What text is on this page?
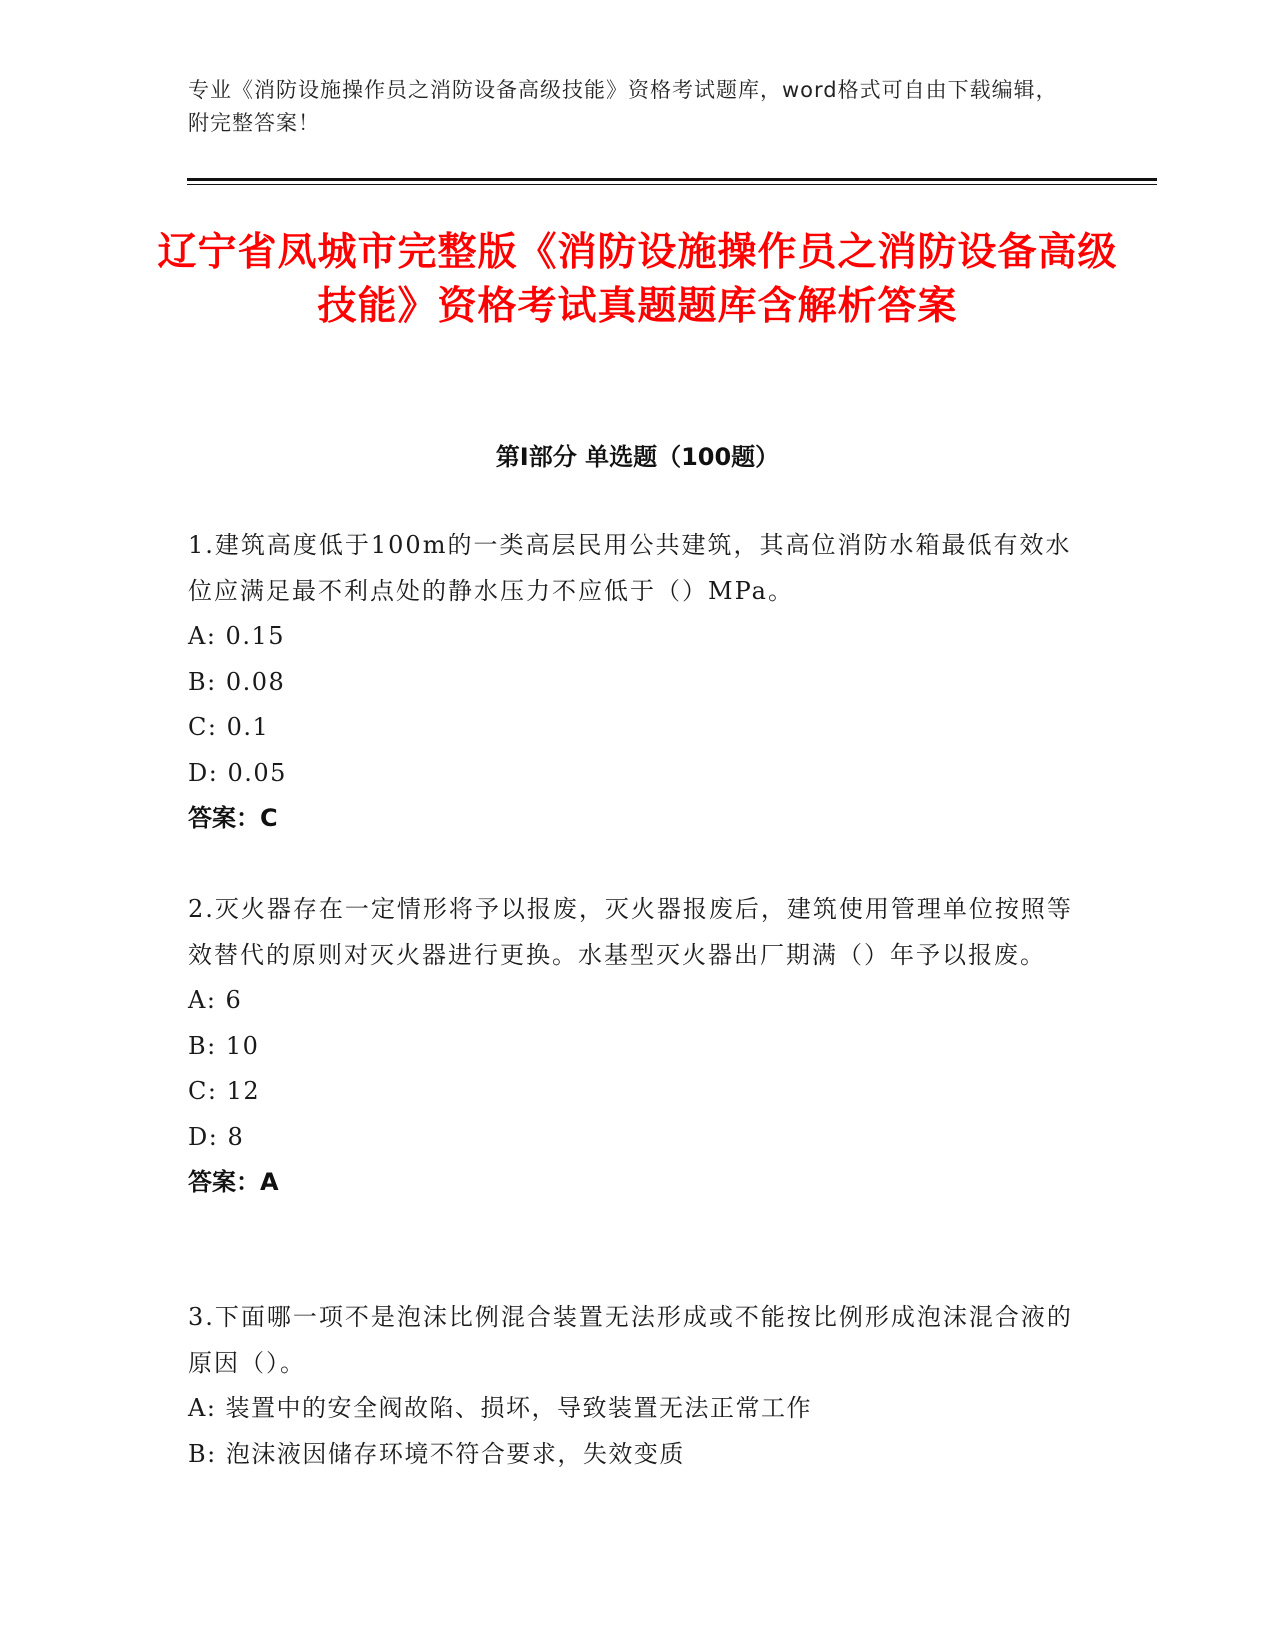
专业《消防设施操作员之消防设备高级技能》资格考试题库，word格式可自由下载编辑，附完整答案！
辽宁省凤城市完整版《消防设施操作员之消防设备高级技能》资格考试真题题库含解析答案
第Ⅰ部分 单选题（100题）
1.建筑高度低于100m的一类高层民用公共建筑，其高位消防水箱最低有效水位应满足最不利点处的静水压力不应低于（）MPa。
A: 0.15
B: 0.08
C: 0.1
D: 0.05
答案：C
2.灭火器存在一定情形将予以报废，灭火器报废后，建筑使用管理单位按照等效替代的原则对灭火器进行更换。水基型灭火器出厂期满（）年予以报废。
A: 6
B: 10
C: 12
D: 8
答案：A
3.下面哪一项不是泡沫比例混合装置无法形成或不能按比例形成泡沫混合液的原因（）。
A: 装置中的安全阀故陷、损坏，导致装置无法正常工作
B: 泡沫液因储存环境不符合要求，失效变质
